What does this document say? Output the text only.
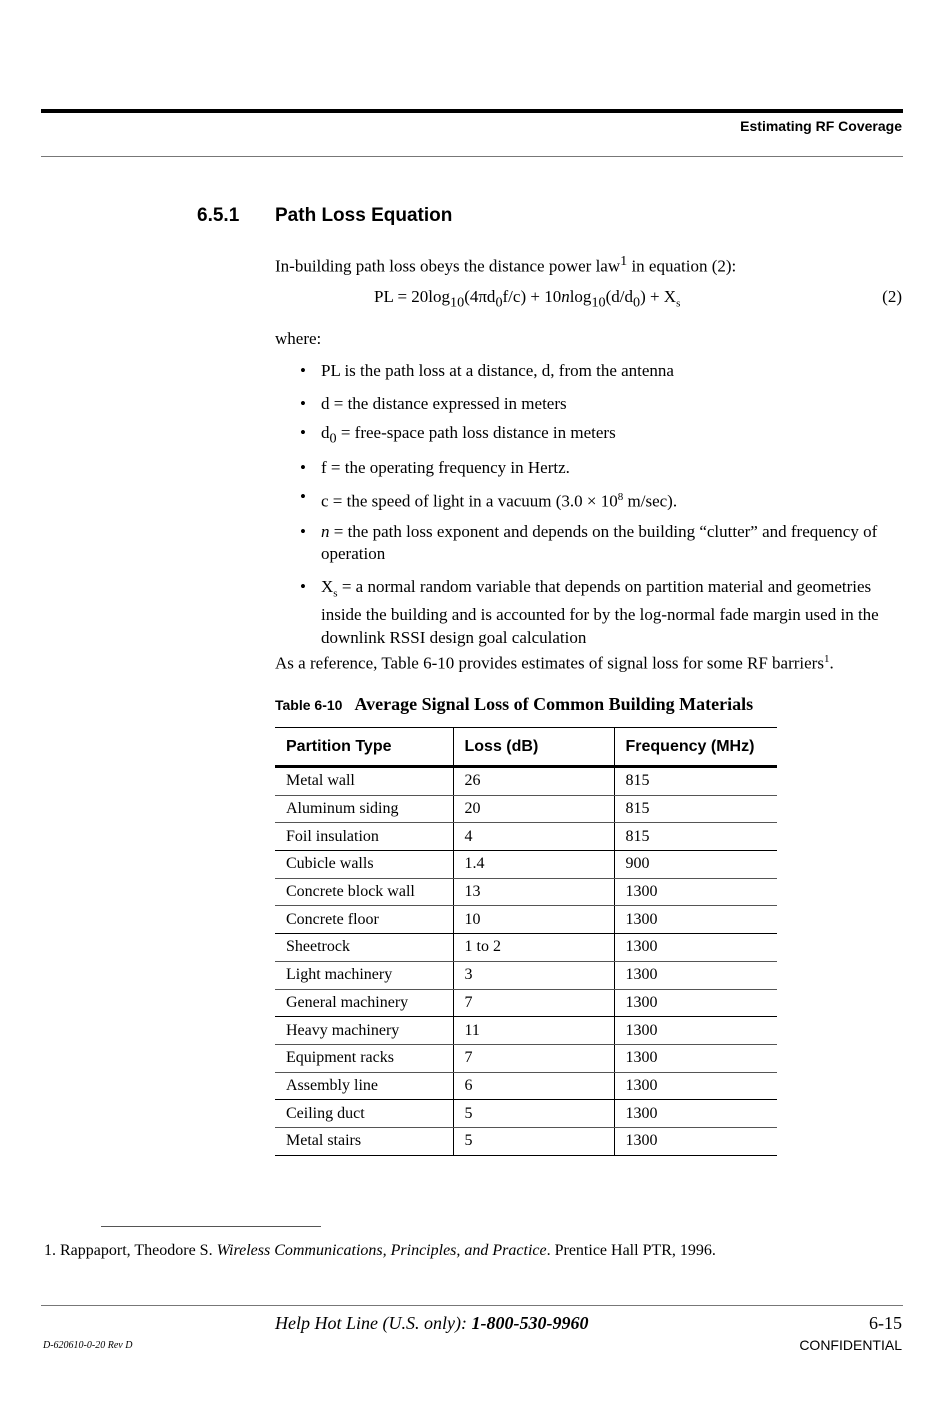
Estimating RF Coverage
6.5.1 Path Loss Equation
In-building path loss obeys the distance power law$^1$ in equation (2):
PL = $20\log_{10}(4\pi d_0f/c) + 10nlog_{10}(d/d_0) + X_s$	(2)
where:
• PL is the path loss at a distance, d, from the antenna
• d = the distance expressed in meters
• $d_0$ = free-space path loss distance in meters
• f = the operating frequency in Hertz.
• c = the speed of light in a vacuum ($3.0 \times 10^8$ m/sec).
• n = the path loss exponent and depends on the building “clutter” and frequency of operation
• $X_s = a$ normal random variable that depends on partition material and geometries inside the building and is accounted for by the log-normal fade margin used in the downlink RSSI design goal calculation
As a reference, Table 6-10 provides estimates of signal loss for some RF barriers$^1$.
Table 6-10 Average Signal Loss of Common Building Materials
Partition Type	Loss (dB)	Frequency (MHz)
Metal wall	26	815
Aluminum siding	20	815
Foil insulation	4	815
Cubicle walls	1.4	900
Concrete block wall	13	1300
Concrete floor	10	1300
Sheetrock	1 to 2	1300
Light machinery	3	1300
General machinery	7	1300
Heavy machinery	11	1300
Equipment racks	7	1300
Assembly line	6	1300
Ceiling duct	5	1300
Metal stairs	5	1300
1. Rappaport, Theodore S. Wireless Communications, Principles, and Practice. Prentice Hall PTR, 1996.
Help Hot Line (U.S. only): 1-800-530-9960	6-15
D-620610-0-20 Rev D	CONFIDENTIAL
